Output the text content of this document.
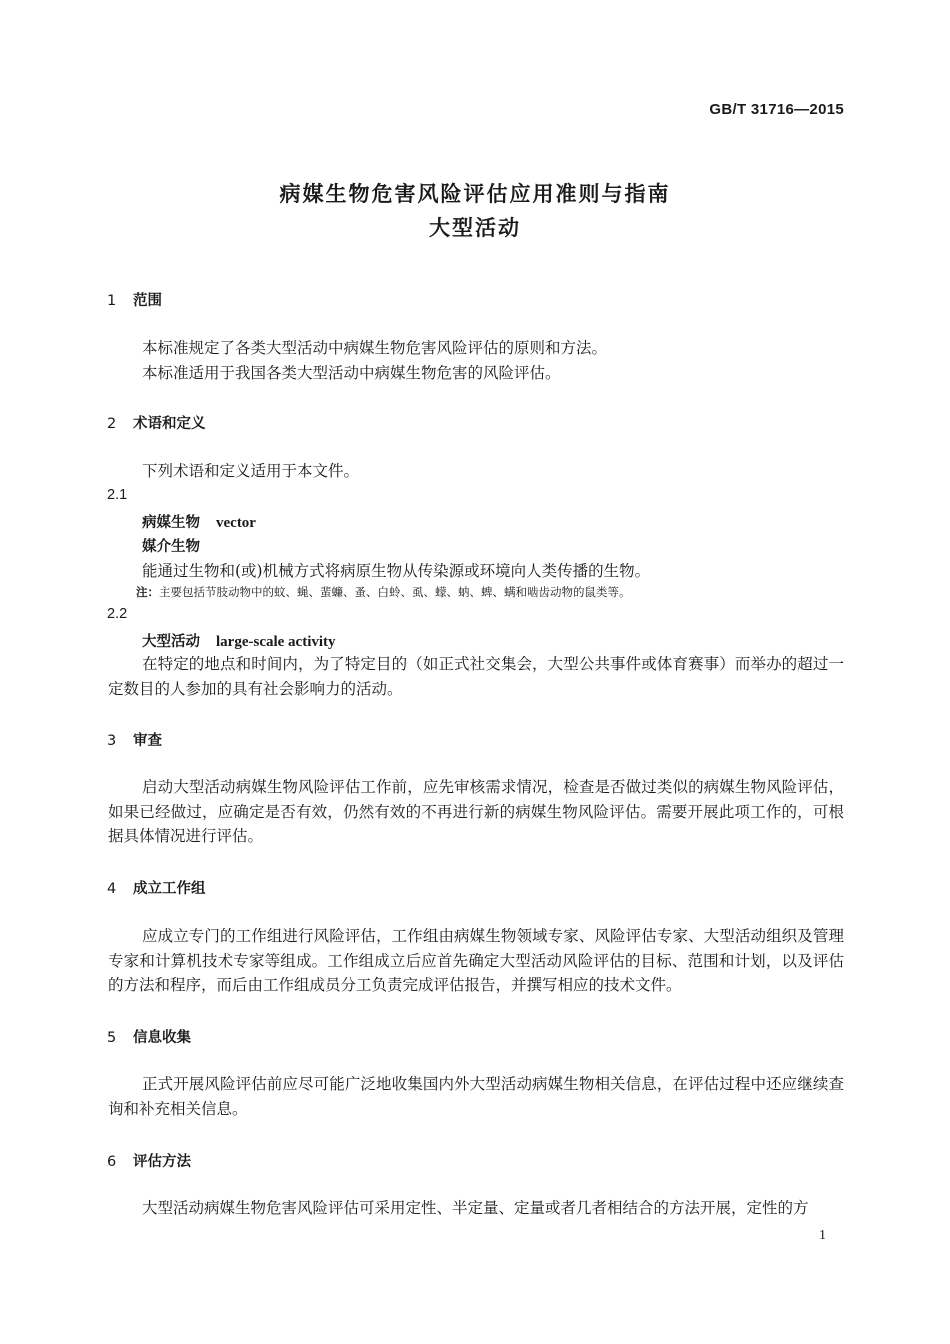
GB/T 31716—2015
病媒生物危害风险评估应用准则与指南
大型活动
1 范围
本标准规定了各类大型活动中病媒生物危害风险评估的原则和方法。
本标准适用于我国各类大型活动中病媒生物危害的风险评估。
2 术语和定义
下列术语和定义适用于本文件。
2.1
病媒生物 vector
媒介生物
能通过生物和(或)机械方式将病原生物从传染源或环境向人类传播的生物。
注：主要包括节肢动物中的蚊、蝇、蜚蠊、蚤、白蛉、虱、蠓、蚋、蜱、螨和啮齿动物的鼠类等。
2.2
大型活动 large-scale activity
在特定的地点和时间内，为了特定目的（如正式社交集会，大型公共事件或体育赛事）而举办的超过一定数目的人参加的具有社会影响力的活动。
3 审查
启动大型活动病媒生物风险评估工作前，应先审核需求情况，检查是否做过类似的病媒生物风险评估，如果已经做过，应确定是否有效，仍然有效的不再进行新的病媒生物风险评估。需要开展此项工作的，可根据具体情况进行评估。
4 成立工作组
应成立专门的工作组进行风险评估，工作组由病媒生物领域专家、风险评估专家、大型活动组织及管理专家和计算机技术专家等组成。工作组成立后应首先确定大型活动风险评估的目标、范围和计划，以及评估的方法和程序，而后由工作组成员分工负责完成评估报告，并撰写相应的技术文件。
5 信息收集
正式开展风险评估前应尽可能广泛地收集国内外大型活动病媒生物相关信息，在评估过程中还应继续查询和补充相关信息。
6 评估方法
大型活动病媒生物危害风险评估可采用定性、半定量、定量或者几者相结合的方法开展，定性的方
1
